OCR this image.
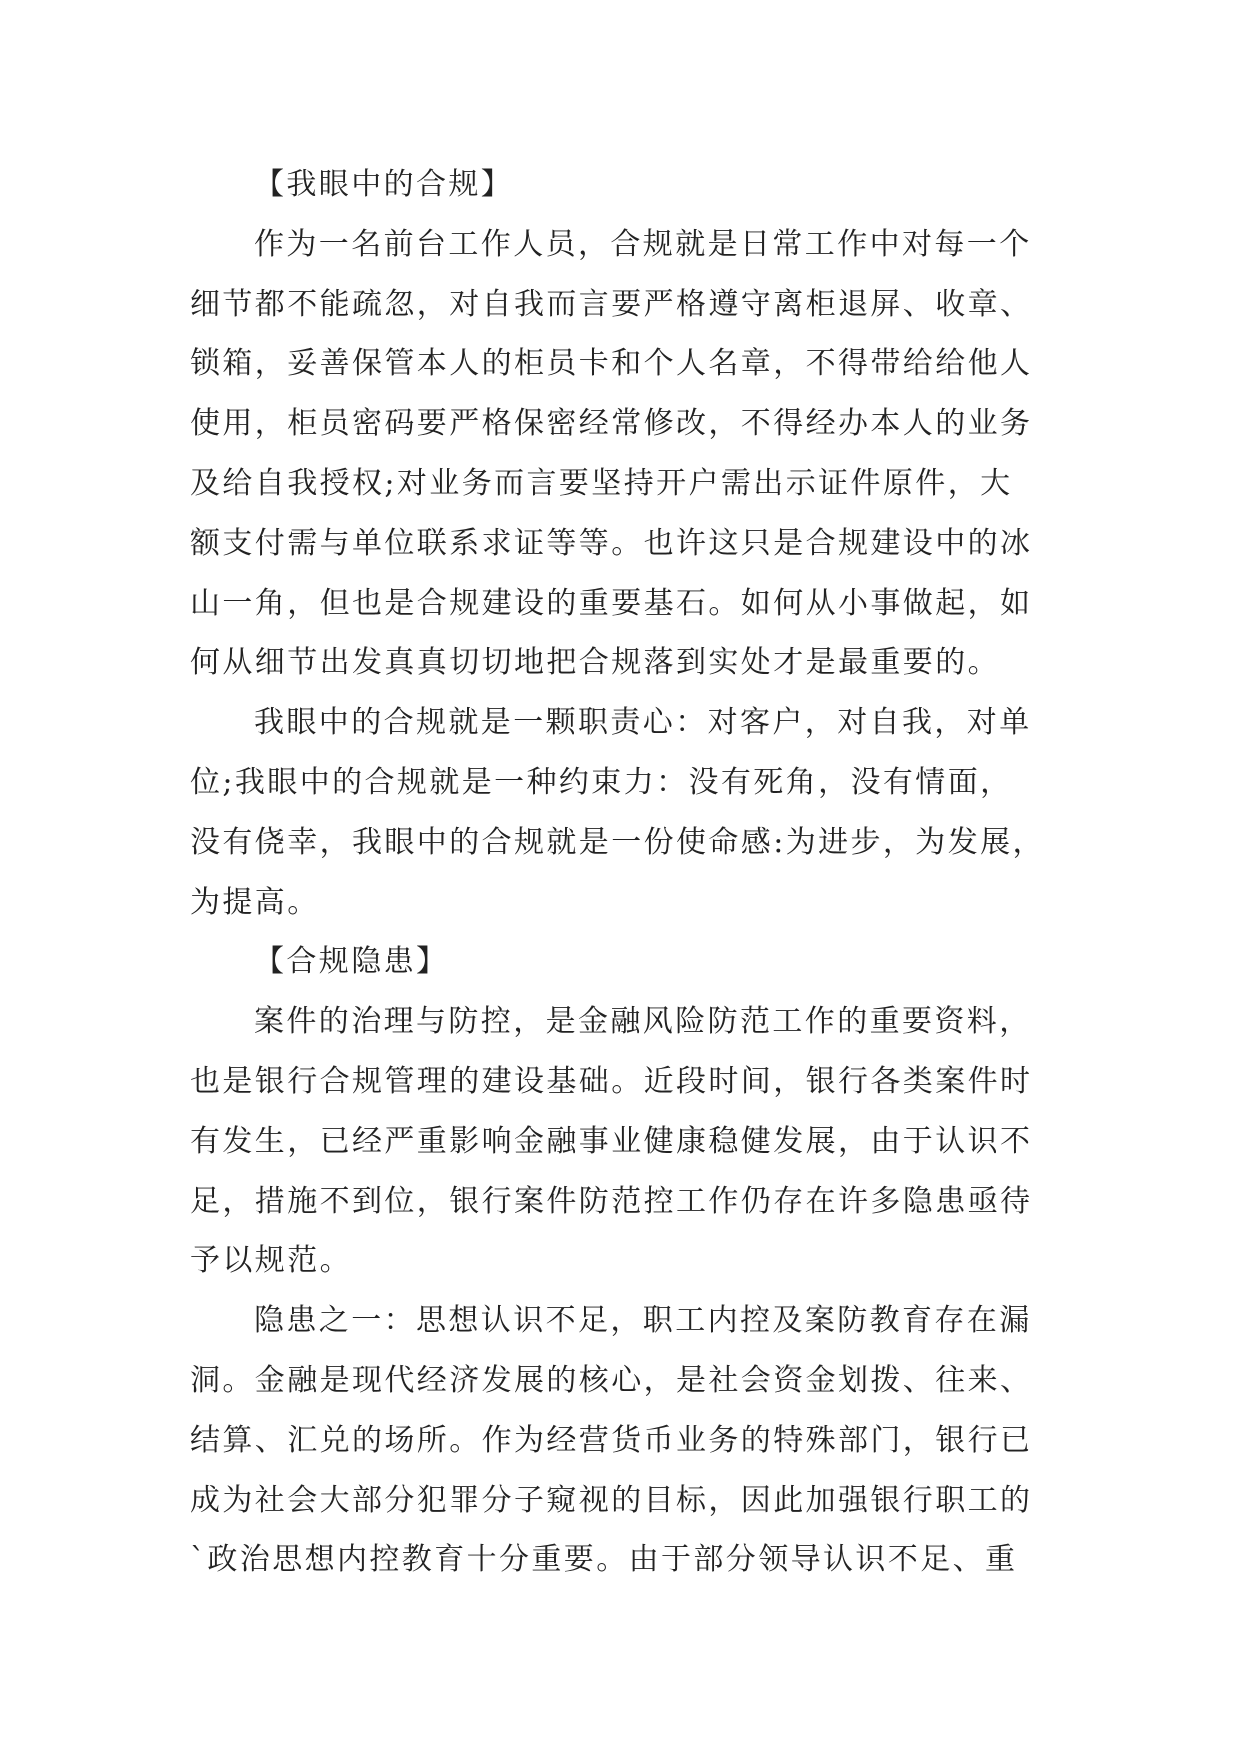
【我眼中的合规】

作为一名前台工作人员，合规就是日常工作中对每一个

细节都不能疏忽，对自我而言要严格遵守离柜退屏、收章、

锁箱，妥善保管本人的柜员卡和个人名章，不得带给给他人

使用，柜员密码要严格保密经常修改，不得经办本人的业务

及给自我授权;对业务而言要坚持开户需出示证件原件，大

额支付需与单位联系求证等等。也许这只是合规建设中的冰

山一角，但也是合规建设的重要基石。如何从小事做起，如

何从细节出发真真切切地把合规落到实处才是最重要的。

我眼中的合规就是一颗职责心：对客户，对自我，对单

位;我眼中的合规就是一种约束力：没有死角，没有情面，

没有侥幸，我眼中的合规就是一份使命感:为进步，为发展，

为提高。

【合规隐患】

案件的治理与防控，是金融风险防范工作的重要资料，

也是银行合规管理的建设基础。近段时间，银行各类案件时

有发生，已经严重影响金融事业健康稳健发展，由于认识不

足，措施不到位，银行案件防范控工作仍存在许多隐患亟待

予以规范。

隐患之一：思想认识不足，职工内控及案防教育存在漏

洞。金融是现代经济发展的核心，是社会资金划拨、往来、

结算、汇兑的场所。作为经营货币业务的特殊部门，银行已

成为社会大部分犯罪分子窥视的目标，因此加强银行职工的

`政治思想内控教育十分重要。由于部分领导认识不足、重
